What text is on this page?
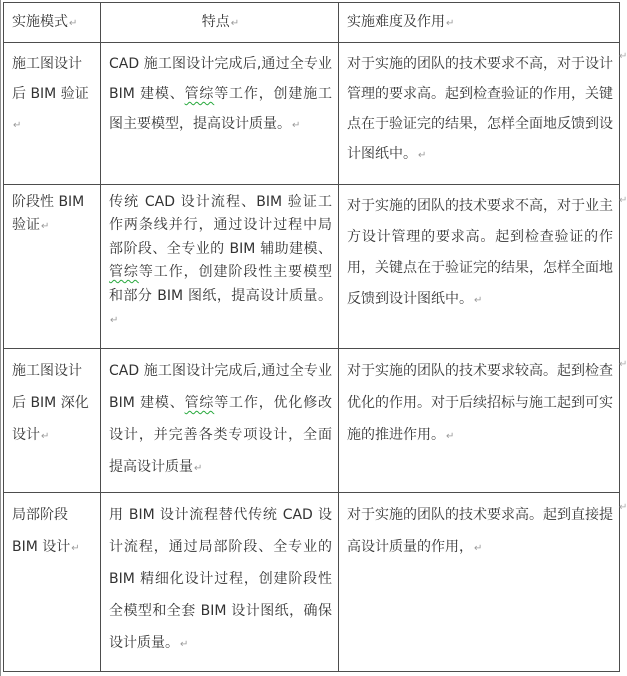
实施模式↵	特点↵	实施难度及作用↵
施工图设计后 BIM 验证↵	CAD 施工图设计完成后,通过全专业 BIM 建模、管综等工作，创建施工图主要模型，提高设计质量。↵	对于实施的团队的技术要求不高，对于设计管理的要求高。起到检查验证的作用，关键点在于验证完的结果，怎样全面地反馈到设计图纸中。↵
阶段性 BIM 验证↵	传统 CAD 设计流程、BIM 验证工作两条线并行，通过设计过程中局部阶段、全专业的 BIM 辅助建模、管综等工作，创建阶段性主要模型和部分 BIM 图纸，提高设计质量。↵	对于实施的团队的技术要求不高，对于业主方设计管理的要求高。起到检查验证的作用，关键点在于验证完的结果，怎样全面地反馈到设计图纸中。↵
施工图设计后 BIM 深化设计↵	CAD 施工图设计完成后,通过全专业 BIM 建模、管综等工作，优化修改设计，并完善各类专项设计，全面提高设计质量↵	对于实施的团队的技术要求较高。起到检查优化的作用。对于后续招标与施工起到可实施的推进作用。↵
局部阶段 BIM 设计↵	用 BIM 设计流程替代传统 CAD 设计流程，通过局部阶段、全专业的 BIM 精细化设计过程，创建阶段性全模型和全套 BIM 设计图纸，确保设计质量。↵	对于实施的团队的技术要求高。起到直接提高设计质量的作用，↵
↵
↵
↵
↵
